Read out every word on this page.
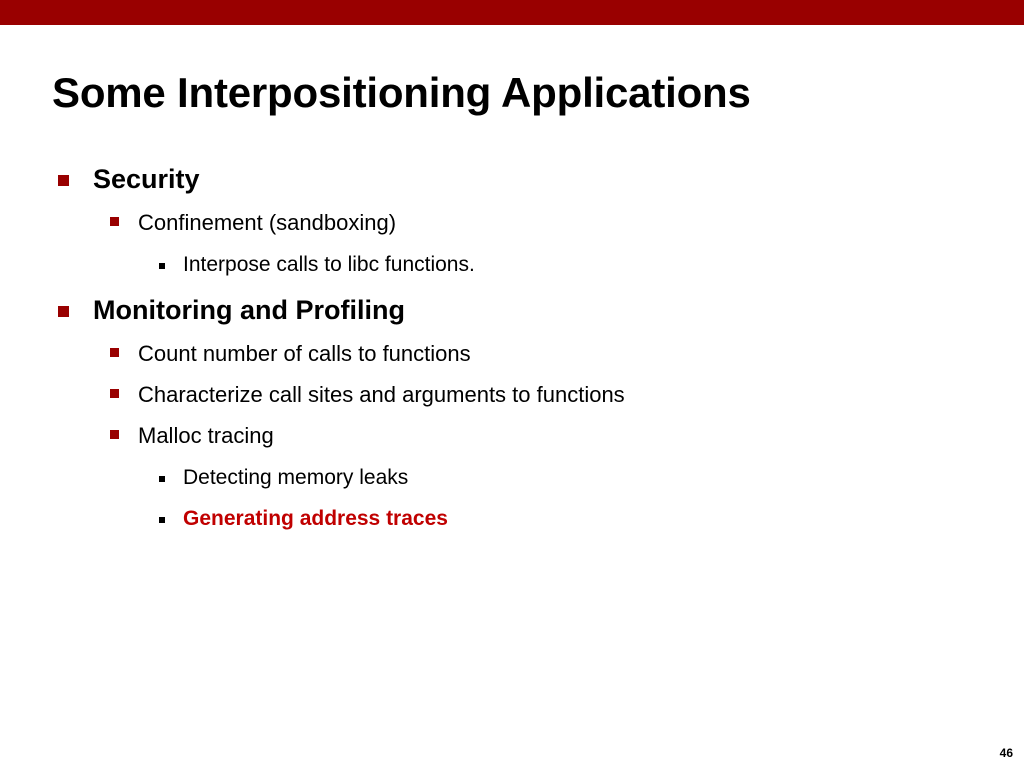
Some Interpositioning Applications
Security
Confinement (sandboxing)
Interpose calls to libc functions.
Monitoring and Profiling
Count number of calls to functions
Characterize call sites and arguments to functions
Malloc tracing
Detecting memory leaks
Generating address traces
46
